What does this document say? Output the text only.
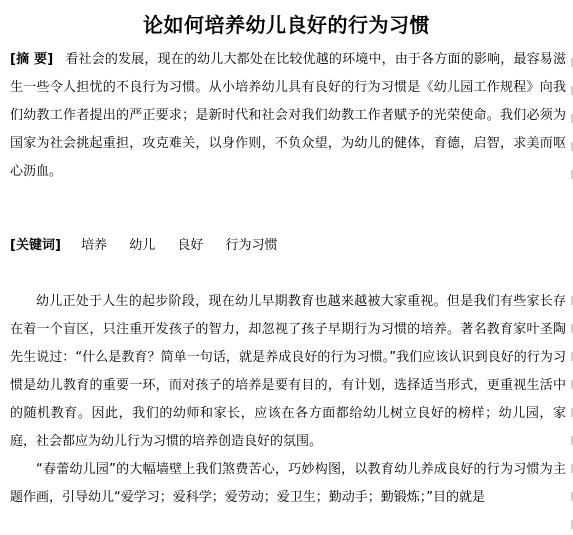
论如何培养幼儿良好的行为习惯
[摘 要] 看社会的发展，现在的幼儿大都处在比较优越的环境中，由于各方面的影响，最容易滋生一些令人担忧的不良行为习惯。从小培养幼儿具有良好的行为习惯是《幼儿园工作规程》向我们幼教工作者提出的严正要求；是新时代和社会对我们幼教工作者赋予的光荣使命。我们必须为国家为社会挑起重担，攻克难关，以身作则，不负众望，为幼儿的健体，育德，启智，求美而呕心沥血。
[关键词] 培养 幼儿 良好 行为习惯

幼儿正处于人生的起步阶段，现在幼儿早期教育也越来越被大家重视。但是我们有些家长存在着一个盲区，只注重开发孩子的智力，却忽视了孩子早期行为习惯的培养。著名教育家叶圣陶先生说过：“什么是教育？简单一句话，就是养成良好的行为习惯。”我们应该认识到良好的行为习惯是幼儿教育的重要一环，而对孩子的培养是要有目的，有计划，选择适当形式，更重视生活中的随机教育。因此，我们的幼师和家长，应该在各方面都给幼儿树立良好的榜样；幼儿园，家庭，社会都应为幼儿行为习惯的培养创造良好的氛围。

“春蕾幼儿园”的大幅墙壁上我们煞费苦心，巧妙构图，以教育幼儿养成良好的行为习惯为主题作画，引导幼儿“爱学习；爱科学；爱劳动；爱卫生；勤动手；勤锻炼；”目的就是
